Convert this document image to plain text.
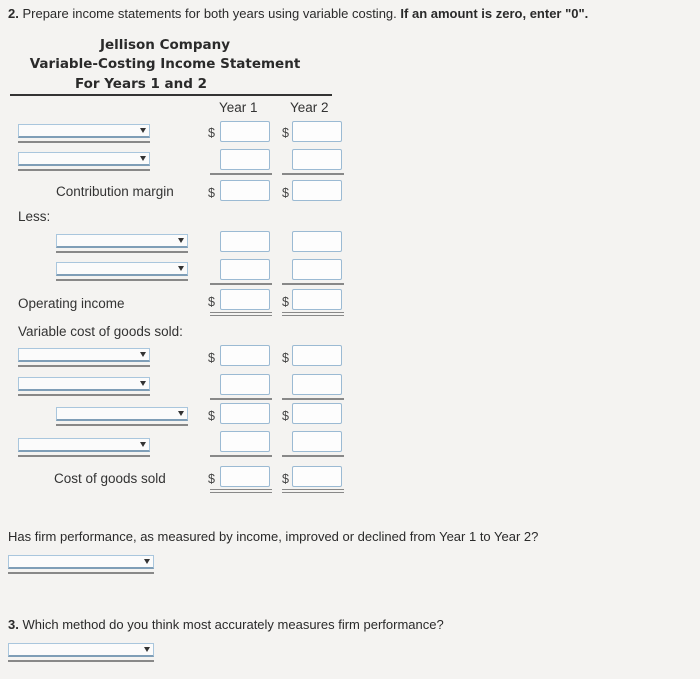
2. Prepare income statements for both years using variable costing. If an amount is zero, enter "0".
Jellison Company
Variable-Costing Income Statement
For Years 1 and 2
Year 1 Year 2
$	$
Contribution margin	$	$
Less:
Operating income	$	$
Variable cost of goods sold:
$	$
$	$
Cost of goods sold	$	$
Has firm performance, as measured by income, improved or declined from Year 1 to Year 2?
3. Which method do you think most accurately measures firm performance?
